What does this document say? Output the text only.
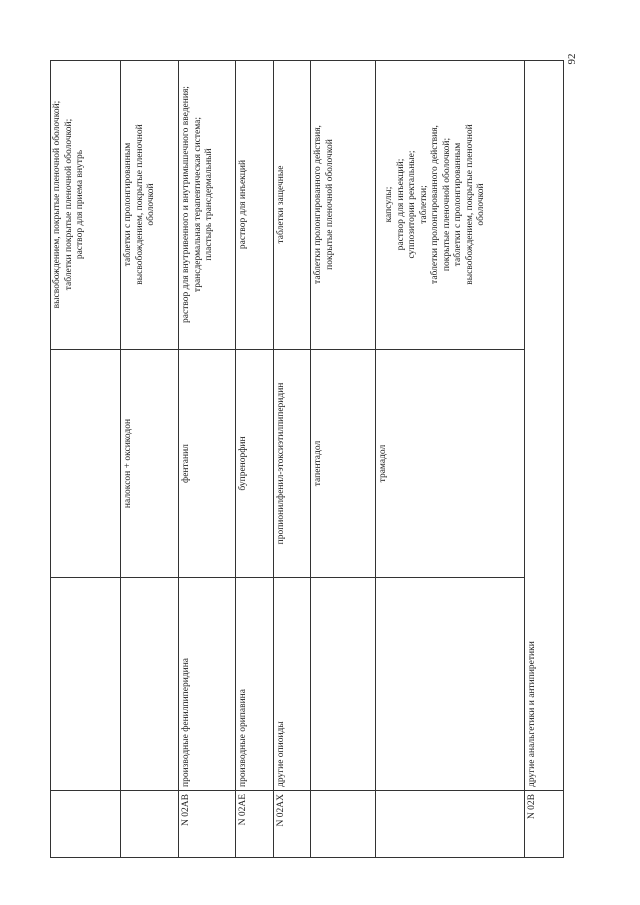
92
высвобождением, покрытые пленочной оболочкой; таблетки покрытые пленочной оболочкой; раствор для приема внутрь
налоксон + оксикодон
таблетки с пролонгированным высвобождением, покрытые пленочной оболочкой
N 02AB
производные фенилпиперидина
фентанил
раствор для внутривенного и внутримышечного введения; трансдермальная терапевтическая система; пластырь трансдермальный
N 02AE
производные орипавина
бупренорфин
раствор для инъекций
N 02AX
другие опиоиды
пропионилфенил-этоксиэтилпиперидин
таблетки защечные
тапентадол
таблетки пролонгированного действия, покрытые пленочной оболочкой
трамадол
капсулы; раствор для инъекций; суппозитории ректальные; таблетки; таблетки пролонгированного действия, покрытые пленочной оболочкой; таблетки с пролонгированным высвобождением, покрытые пленочной оболочкой
N 02B
другие анальгетики и антипиретики
